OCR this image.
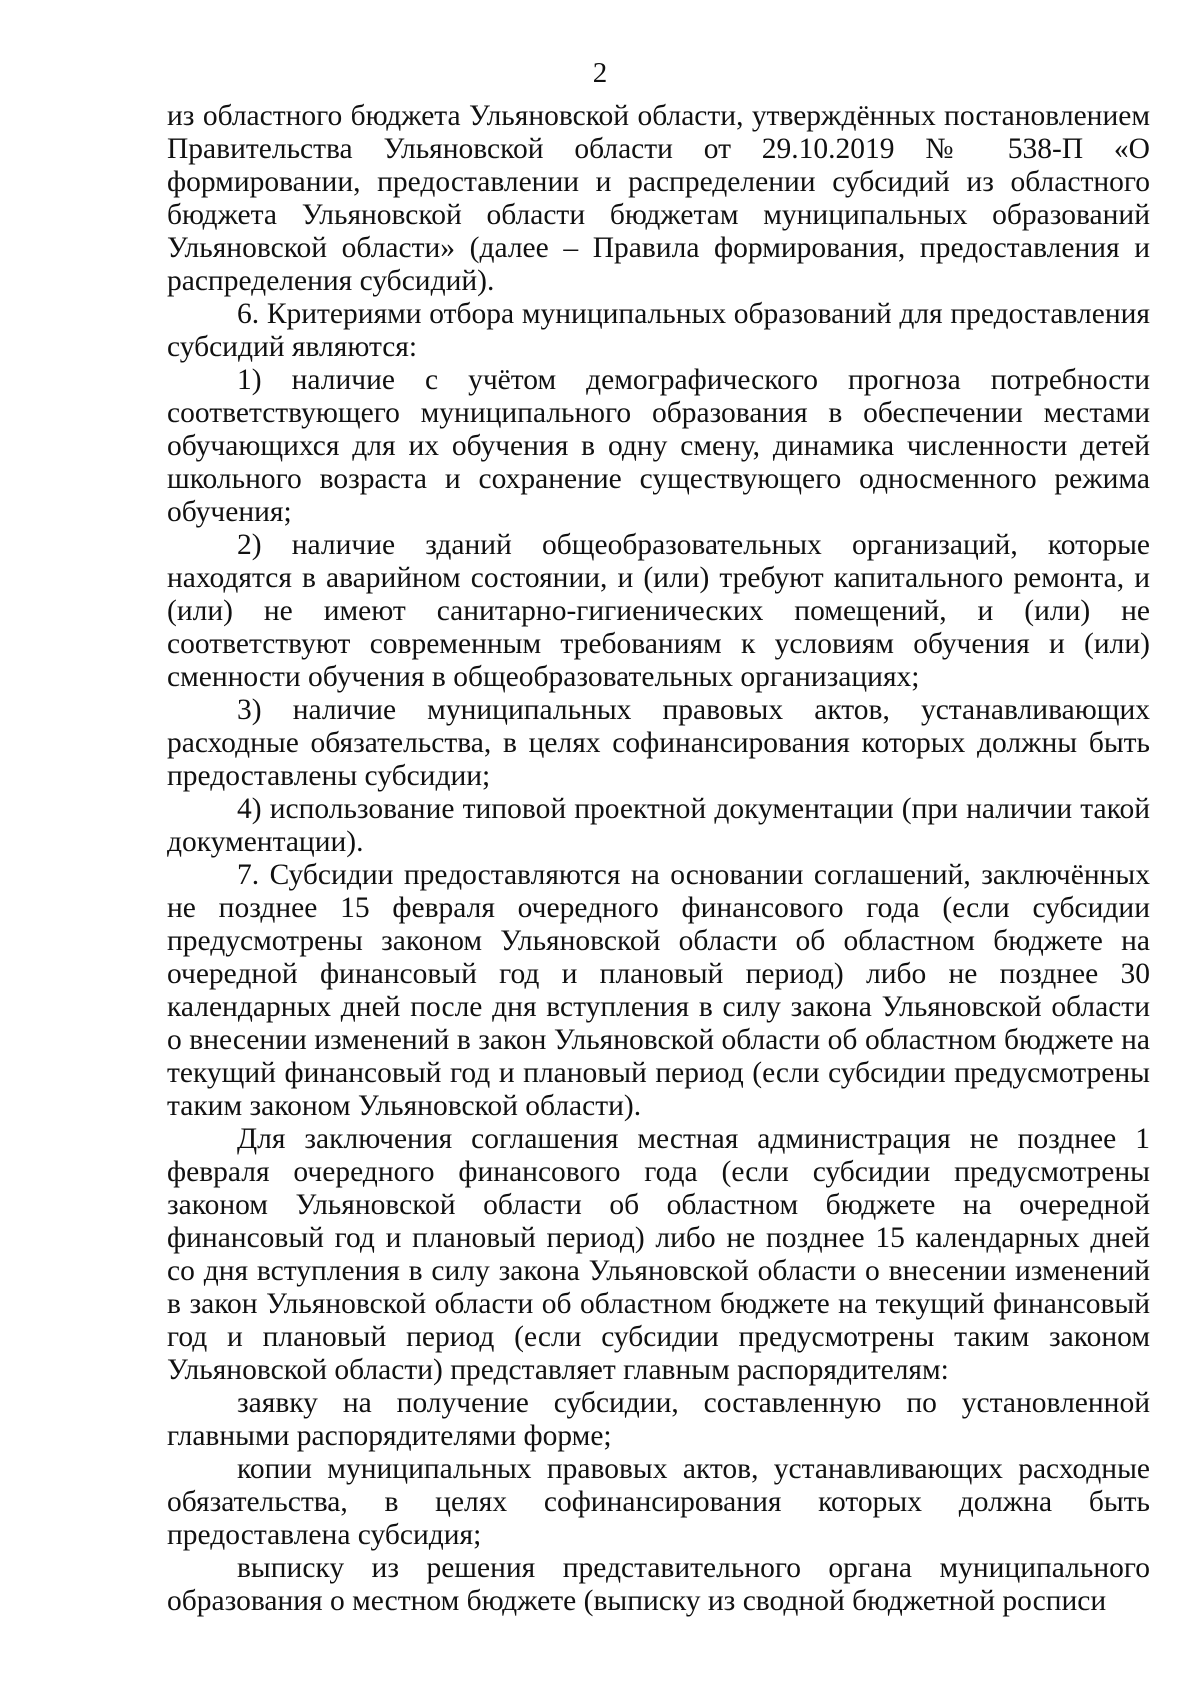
2

из областного бюджета Ульяновской области, утверждённых постановлением Правительства Ульяновской области от 29.10.2019 № 538-П «О формировании, предоставлении и распределении субсидий из областного бюджета Ульяновской области бюджетам муниципальных образований Ульяновской области» (далее – Правила формирования, предоставления и распределения субсидий).

6. Критериями отбора муниципальных образований для предоставления субсидий являются:

1) наличие с учётом демографического прогноза потребности соответствующего муниципального образования в обеспечении местами обучающихся для их обучения в одну смену, динамика численности детей школьного возраста и сохранение существующего односменного режима обучения;

2) наличие зданий общеобразовательных организаций, которые находятся в аварийном состоянии, и (или) требуют капитального ремонта, и (или) не имеют санитарно-гигиенических помещений, и (или) не соответствуют современным требованиям к условиям обучения и (или) сменности обучения в общеобразовательных организациях;

3) наличие муниципальных правовых актов, устанавливающих расходные обязательства, в целях софинансирования которых должны быть предоставлены субсидии;

4) использование типовой проектной документации (при наличии такой документации).

7. Субсидии предоставляются на основании соглашений, заключённых не позднее 15 февраля очередного финансового года (если субсидии предусмотрены законом Ульяновской области об областном бюджете на очередной финансовый год и плановый период) либо не позднее 30 календарных дней после дня вступления в силу закона Ульяновской области о внесении изменений в закон Ульяновской области об областном бюджете на текущий финансовый год и плановый период (если субсидии предусмотрены таким законом Ульяновской области).

Для заключения соглашения местная администрация не позднее 1 февраля очередного финансового года (если субсидии предусмотрены законом Ульяновской области об областном бюджете на очередной финансовый год и плановый период) либо не позднее 15 календарных дней со дня вступления в силу закона Ульяновской области о внесении изменений в закон Ульяновской области об областном бюджете на текущий финансовый год и плановый период (если субсидии предусмотрены таким законом Ульяновской области) представляет главным распорядителям:

заявку на получение субсидии, составленную по установленной главными распорядителями форме;

копии муниципальных правовых актов, устанавливающих расходные обязательства, в целях софинансирования которых должна быть предоставлена субсидия;

выписку из решения представительного органа муниципального образования о местном бюджете (выписку из сводной бюджетной росписи
